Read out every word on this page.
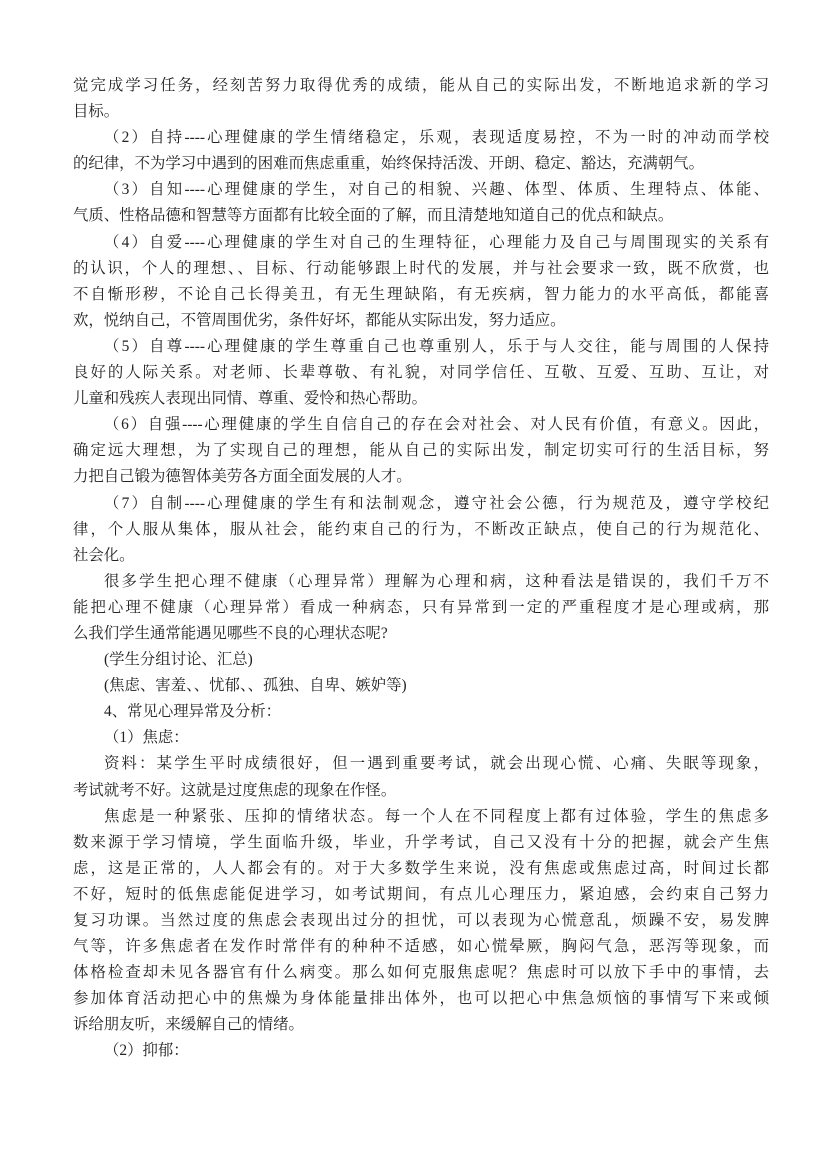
觉完成学习任务，经刻苦努力取得优秀的成绩，能从自己的实际出发，不断地追求新的学习
目标。
（2）自持----心理健康的学生情绪稳定，乐观，表现适度易控，不为一时的冲动而学校
的纪律，不为学习中遇到的困难而焦虑重重，始终保持活泼、开朗、稳定、豁达，充满朝气。
（3）自知----心理健康的学生，对自己的相貌、兴趣、体型、体质、生理特点、体能、
气质、性格品德和智慧等方面都有比较全面的了解，而且清楚地知道自己的优点和缺点。
（4）自爱----心理健康的学生对自己的生理特征，心理能力及自己与周围现实的关系有
的认识，个人的理想、、目标、行动能够跟上时代的发展，并与社会要求一致，既不欣赏，也
不自惭形秽，不论自己长得美丑，有无生理缺陷，有无疾病，智力能力的水平高低，都能喜
欢，悦纳自己，不管周围优劣，条件好坏，都能从实际出发，努力适应。
（5）自尊----心理健康的学生尊重自己也尊重别人，乐于与人交往，能与周围的人保持
良好的人际关系。对老师、长辈尊敬、有礼貌，对同学信任、互敬、互爱、互助、互让，对
儿童和残疾人表现出同情、尊重、爱怜和热心帮助。
（6）自强----心理健康的学生自信自己的存在会对社会、对人民有价值，有意义。因此，
确定远大理想，为了实现自己的理想，能从自己的实际出发，制定切实可行的生活目标，努
力把自己锻为德智体美劳各方面全面发展的人才。
（7）自制----心理健康的学生有和法制观念，遵守社会公德，行为规范及，遵守学校纪
律，个人服从集体，服从社会，能约束自己的行为，不断改正缺点，使自己的行为规范化、
社会化。
很多学生把心理不健康（心理异常）理解为心理和病，这种看法是错误的，我们千万不
能把心理不健康（心理异常）看成一种病态，只有异常到一定的严重程度才是心理或病，那
么我们学生通常能遇见哪些不良的心理状态呢?
(学生分组讨论、汇总)
(焦虑、害羞、、忧郁、、孤独、自卑、嫉妒等)
4、常见心理异常及分析：
（1）焦虑：
资料：某学生平时成绩很好，但一遇到重要考试，就会出现心慌、心痛、失眠等现象，
考试就考不好。这就是过度焦虑的现象在作怪。
焦虑是一种紧张、压抑的情绪状态。每一个人在不同程度上都有过体验，学生的焦虑多
数来源于学习情境，学生面临升级，毕业，升学考试，自己又没有十分的把握，就会产生焦
虑，这是正常的，人人都会有的。对于大多数学生来说，没有焦虑或焦虑过高，时间过长都
不好，短时的低焦虑能促进学习，如考试期间，有点儿心理压力，紧迫感，会约束自己努力
复习功课。当然过度的焦虑会表现出过分的担忧，可以表现为心慌意乱，烦躁不安，易发脾
气等，许多焦虑者在发作时常伴有的种种不适感，如心慌晕厥，胸闷气急，恶泻等现象，而
体格检查却未见各器官有什么病变。那么如何克服焦虑呢？焦虑时可以放下手中的事情，去
参加体育活动把心中的焦燥为身体能量排出体外，也可以把心中焦急烦恼的事情写下来或倾
诉给朋友听，来缓解自己的情绪。
（2）抑郁：
